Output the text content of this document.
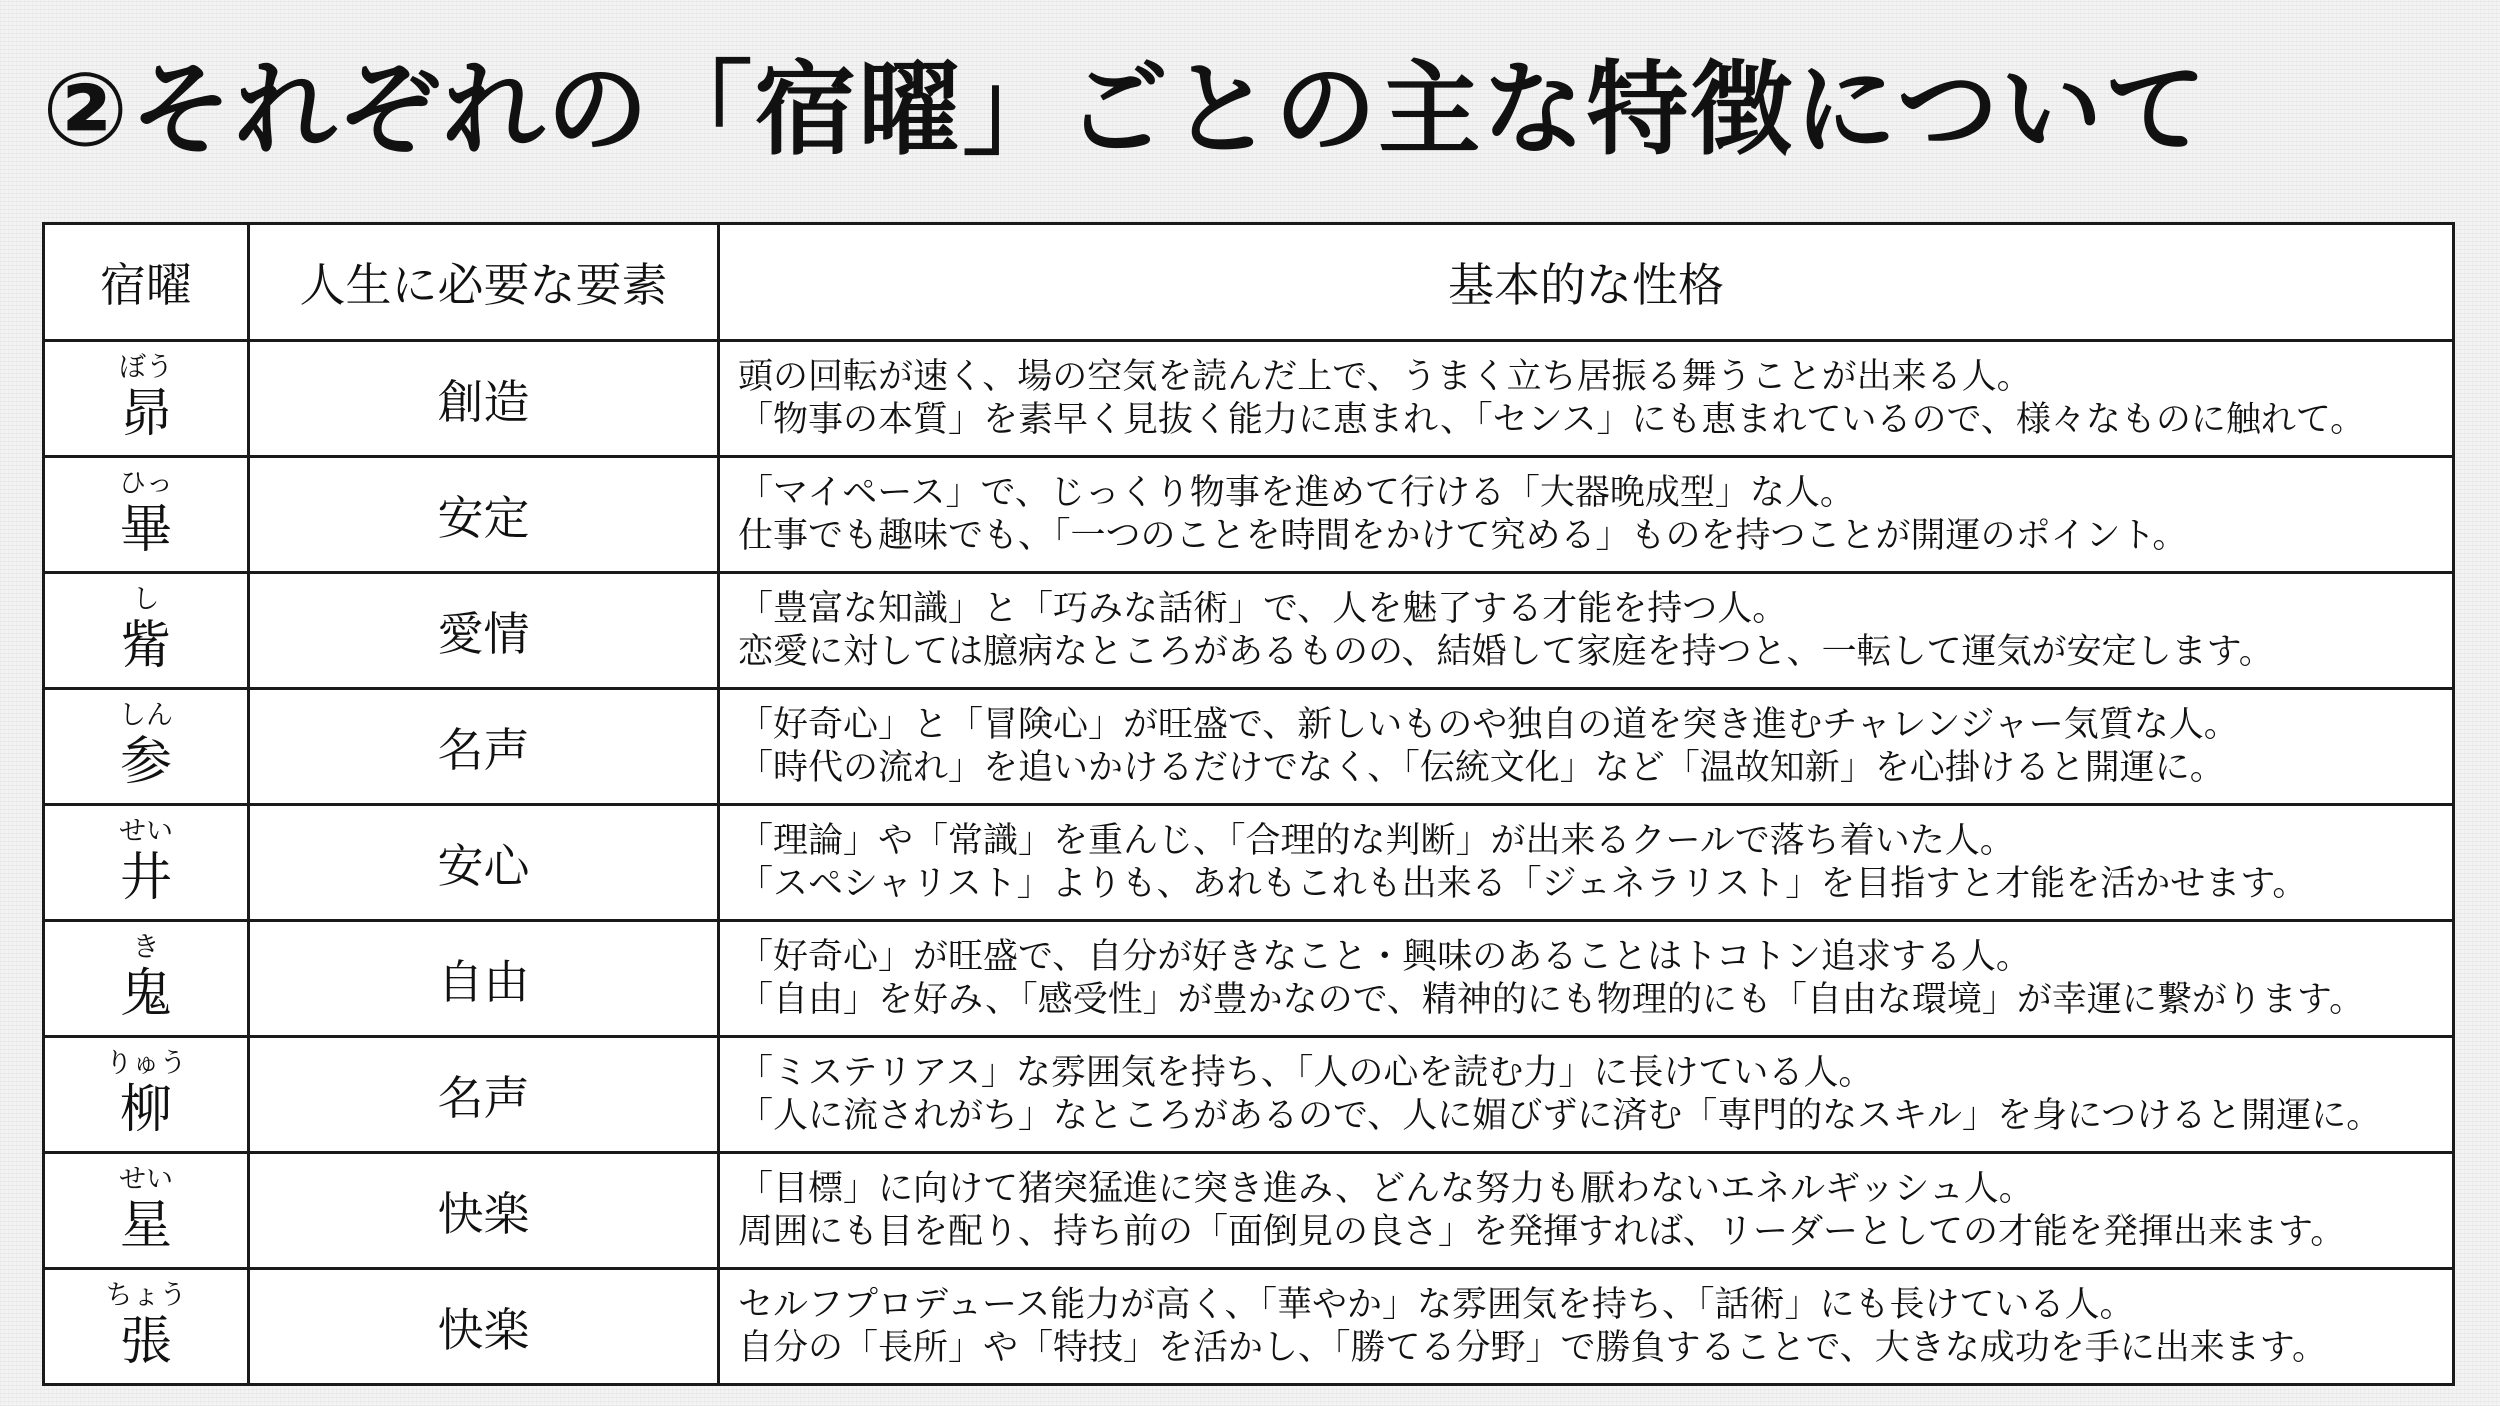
②それぞれの「宿曜」ごとの主な特徴について
宿曜	人生に必要な要素	基本的な性格

ぼう
昴	創造	頭の回転が速く、場の空気を読んだ上で、うまく立ち居振る舞うことが出来る人。
「物事の本質」を素早く見抜く能力に恵まれ、「センス」にも恵まれているので、様々なものに触れて。

ひっ
畢	安定	「マイペース」で、じっくり物事を進めて行ける「大器晩成型」な人。
仕事でも趣味でも、「一つのことを時間をかけて究める」ものを持つことが開運のポイント。

し
觜	愛情	「豊富な知識」と「巧みな話術」で、人を魅了する才能を持つ人。
恋愛に対しては臆病なところがあるものの、結婚して家庭を持つと、一転して運気が安定します。

しん
参	名声	「好奇心」と「冒険心」が旺盛で、新しいものや独自の道を突き進むチャレンジャー気質な人。
「時代の流れ」を追いかけるだけでなく、「伝統文化」など「温故知新」を心掛けると開運に。

せい
井	安心	「理論」や「常識」を重んじ、「合理的な判断」が出来るクールで落ち着いた人。
「スペシャリスト」よりも、あれもこれも出来る「ジェネラリスト」を目指すと才能を活かせます。

き
鬼	自由	「好奇心」が旺盛で、自分が好きなこと・興味のあることはトコトン追求する人。
「自由」を好み、「感受性」が豊かなので、精神的にも物理的にも「自由な環境」が幸運に繋がります。

りゅう
柳	名声	「ミステリアス」な雰囲気を持ち、「人の心を読む力」に長けている人。
「人に流されがち」なところがあるので、人に媚びずに済む「専門的なスキル」を身につけると開運に。

せい
星	快楽	「目標」に向けて猪突猛進に突き進み、どんな努力も厭わないエネルギッシュ人。
周囲にも目を配り、持ち前の「面倒見の良さ」を発揮すれば、リーダーとしての才能を発揮出来ます。

ちょう
張	快楽	セルフプロデュース能力が高く、「華やか」な雰囲気を持ち、「話術」にも長けている人。
自分の「長所」や「特技」を活かし、「勝てる分野」で勝負することで、大きな成功を手に出来ます。
